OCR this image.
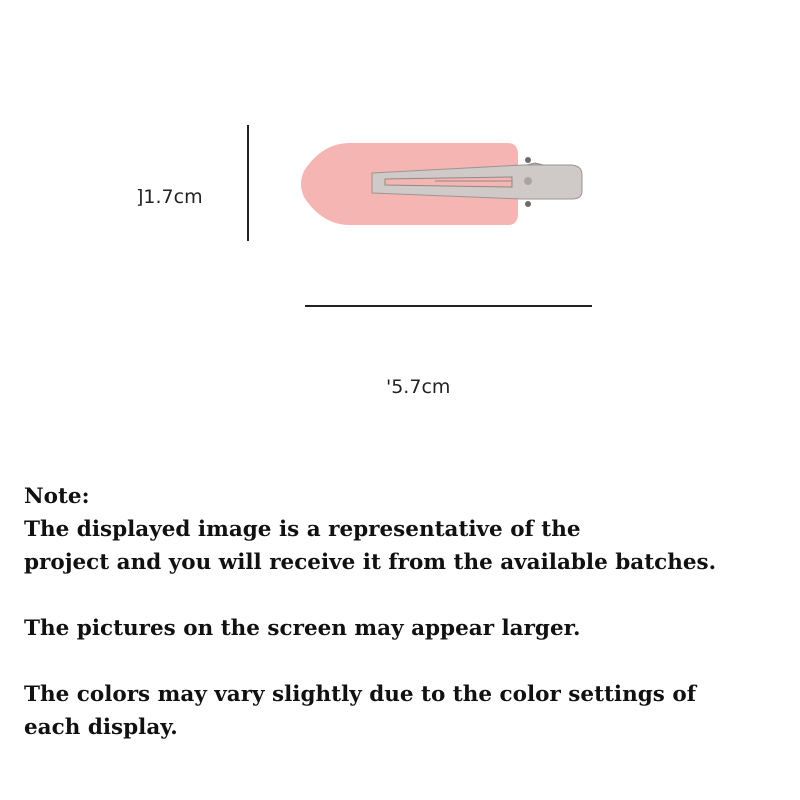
]1.7cm
'5.7cm

Note:

The displayed image is a representative of the

project and you will receive it from the available batches.

The pictures on the screen may appear larger.

The colors may vary slightly due to the color settings of

each display.
